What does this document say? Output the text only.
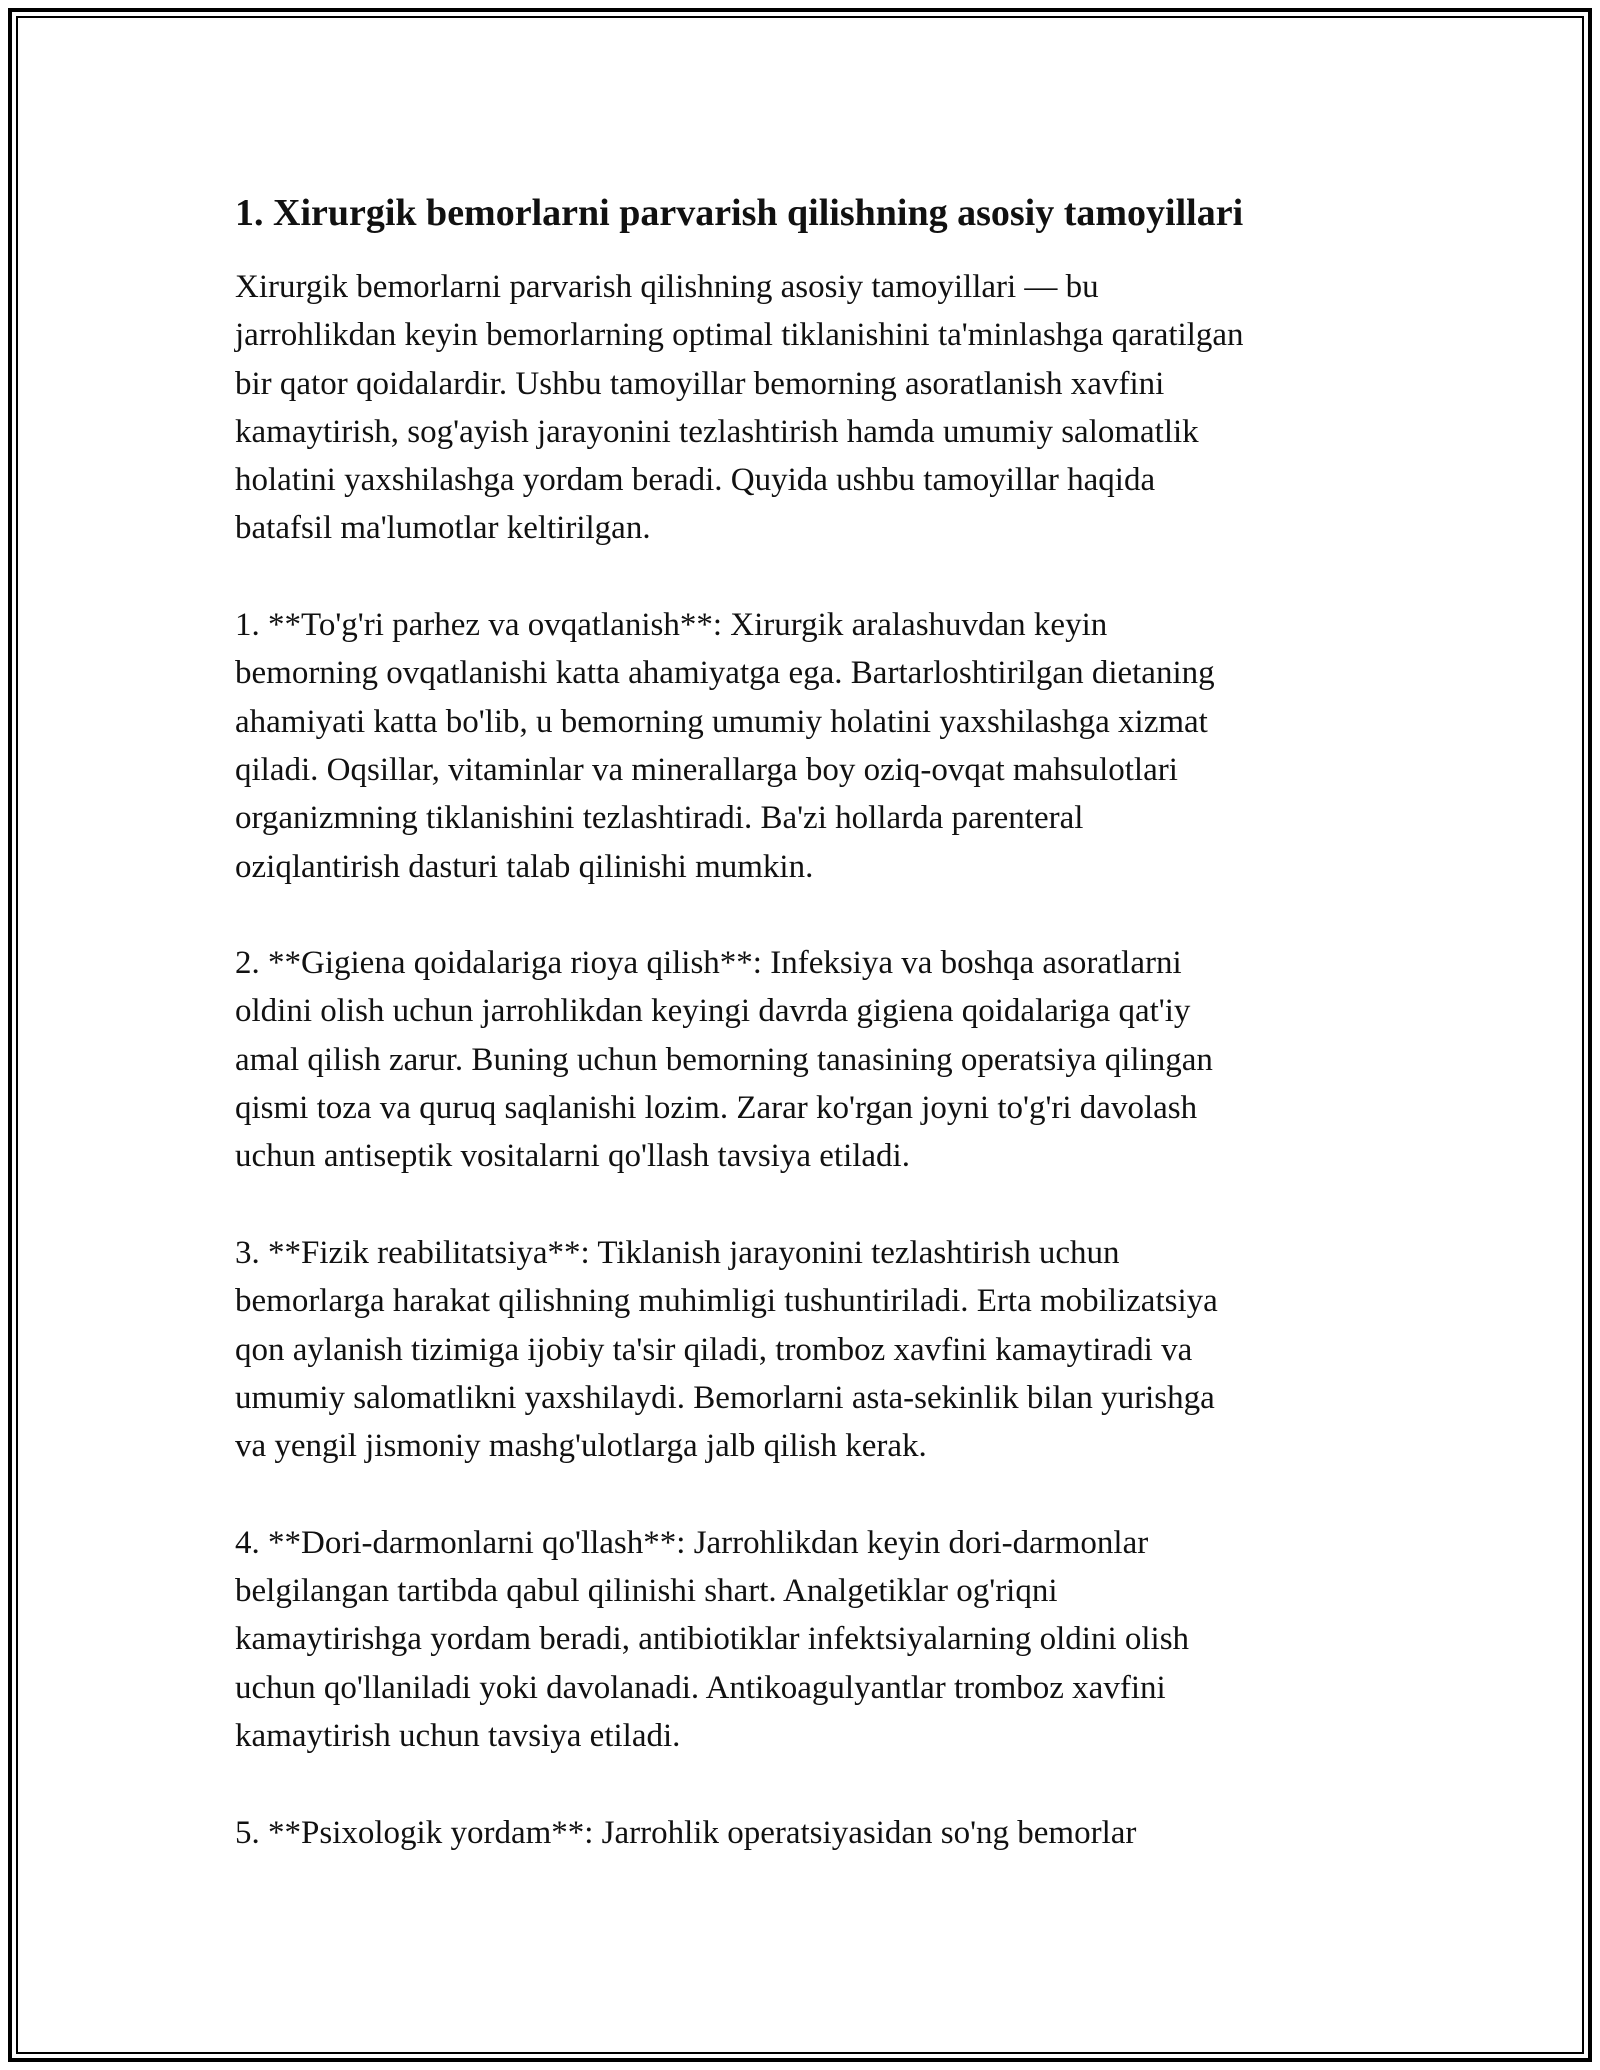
1. Xirurgik bemorlarni parvarish qilishning asosiy tamoyillari
Xirurgik bemorlarni parvarish qilishning asosiy tamoyillari — bu
jarrohlikdan keyin bemorlarning optimal tiklanishini ta'minlashga qaratilgan
bir qator qoidalardir. Ushbu tamoyillar bemorning asoratlanish xavfini
kamaytirish, sog'ayish jarayonini tezlashtirish hamda umumiy salomatlik
holatini yaxshilashga yordam beradi. Quyida ushbu tamoyillar haqida
batafsil ma'lumotlar keltirilgan.
1. **To'g'ri parhez va ovqatlanish**: Xirurgik aralashuvdan keyin
bemorning ovqatlanishi katta ahamiyatga ega. Bartarloshtirilgan dietaning
ahamiyati katta bo'lib, u bemorning umumiy holatini yaxshilashga xizmat
qiladi. Oqsillar, vitaminlar va minerallarga boy oziq-ovqat mahsulotlari
organizmning tiklanishini tezlashtiradi. Ba'zi hollarda parenteral
oziqlantirish dasturi talab qilinishi mumkin.
2. **Gigiena qoidalariga rioya qilish**: Infeksiya va boshqa asoratlarni
oldini olish uchun jarrohlikdan keyingi davrda gigiena qoidalariga qat'iy
amal qilish zarur. Buning uchun bemorning tanasining operatsiya qilingan
qismi toza va quruq saqlanishi lozim. Zarar ko'rgan joyni to'g'ri davolash
uchun antiseptik vositalarni qo'llash tavsiya etiladi.
3. **Fizik reabilitatsiya**: Tiklanish jarayonini tezlashtirish uchun
bemorlarga harakat qilishning muhimligi tushuntiriladi. Erta mobilizatsiya
qon aylanish tizimiga ijobiy ta'sir qiladi, tromboz xavfini kamaytiradi va
umumiy salomatlikni yaxshilaydi. Bemorlarni asta-sekinlik bilan yurishga
va yengil jismoniy mashg'ulotlarga jalb qilish kerak.
4. **Dori-darmonlarni qo'llash**: Jarrohlikdan keyin dori-darmonlar
belgilangan tartibda qabul qilinishi shart. Analgetiklar og'riqni
kamaytirishga yordam beradi, antibiotiklar infektsiyalarning oldini olish
uchun qo'llaniladi yoki davolanadi. Antikoagulyantlar tromboz xavfini
kamaytirish uchun tavsiya etiladi.
5. **Psixologik yordam**: Jarrohlik operatsiyasidan so'ng bemorlar
